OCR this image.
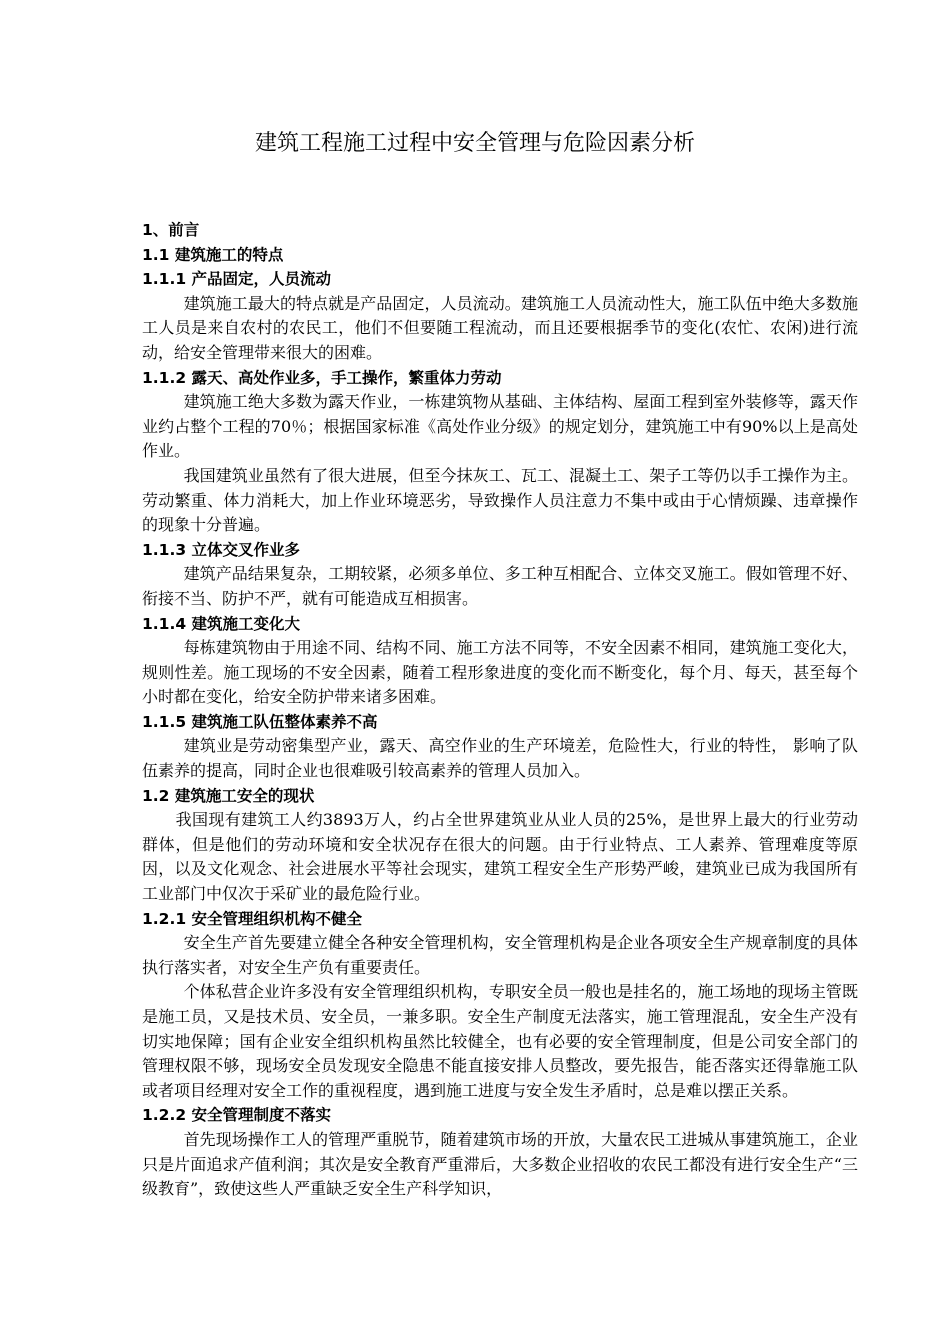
建筑工程施工过程中安全管理与危险因素分析
1、前言
1.1 建筑施工的特点
1.1.1 产品固定，人员流动
建筑施工最大的特点就是产品固定，人员流动。建筑施工人员流动性大，施工队伍中绝大多数施工人员是来自农村的农民工，他们不但要随工程流动，而且还要根据季节的变化(农忙、农闲)进行流动，给安全管理带来很大的困难。
1.1.2 露天、高处作业多，手工操作，繁重体力劳动
建筑施工绝大多数为露天作业，一栋建筑物从基础、主体结构、屋面工程到室外装修等，露天作业约占整个工程的70％；根据国家标准《高处作业分级》的规定划分，建筑施工中有90%以上是高处作业。
我国建筑业虽然有了很大进展，但至今抹灰工、瓦工、混凝土工、架子工等仍以手工操作为主。劳动繁重、体力消耗大，加上作业环境恶劣，导致操作人员注意力不集中或由于心情烦躁、违章操作的现象十分普遍。
1.1.3 立体交叉作业多
建筑产品结果复杂，工期较紧，必须多单位、多工种互相配合、立体交叉施工。假如管理不好、衔接不当、防护不严，就有可能造成互相损害。
1.1.4 建筑施工变化大
每栋建筑物由于用途不同、结构不同、施工方法不同等，不安全因素不相同，建筑施工变化大，规则性差。施工现场的不安全因素，随着工程形象进度的变化而不断变化，每个月、每天，甚至每个小时都在变化，给安全防护带来诸多困难。
1.1.5 建筑施工队伍整体素养不高
建筑业是劳动密集型产业，露天、高空作业的生产环境差，危险性大，行业的特性， 影响了队伍素养的提高，同时企业也很难吸引较高素养的管理人员加入。
1.2 建筑施工安全的现状
我国现有建筑工人约3893万人，约占全世界建筑业从业人员的25%，是世界上最大的行业劳动群体，但是他们的劳动环境和安全状况存在很大的问题。由于行业特点、工人素养、管理难度等原因，以及文化观念、社会进展水平等社会现实，建筑工程安全生产形势严峻，建筑业已成为我国所有工业部门中仅次于采矿业的最危险行业。
1.2.1 安全管理组织机构不健全
安全生产首先要建立健全各种安全管理机构，安全管理机构是企业各项安全生产规章制度的具体执行落实者，对安全生产负有重要责任。
个体私营企业许多没有安全管理组织机构，专职安全员一般也是挂名的，施工场地的现场主管既是施工员，又是技术员、安全员，一兼多职。安全生产制度无法落实，施工管理混乱，安全生产没有切实地保障；国有企业安全组织机构虽然比较健全，也有必要的安全管理制度，但是公司安全部门的管理权限不够，现场安全员发现安全隐患不能直接安排人员整改，要先报告，能否落实还得靠施工队或者项目经理对安全工作的重视程度，遇到施工进度与安全发生矛盾时，总是难以摆正关系。
1.2.2 安全管理制度不落实
首先现场操作工人的管理严重脱节，随着建筑市场的开放，大量农民工进城从事建筑施工，企业只是片面追求产值利润；其次是安全教育严重滞后，大多数企业招收的农民工都没有进行安全生产“三级教育”，致使这些人严重缺乏安全生产科学知识，
